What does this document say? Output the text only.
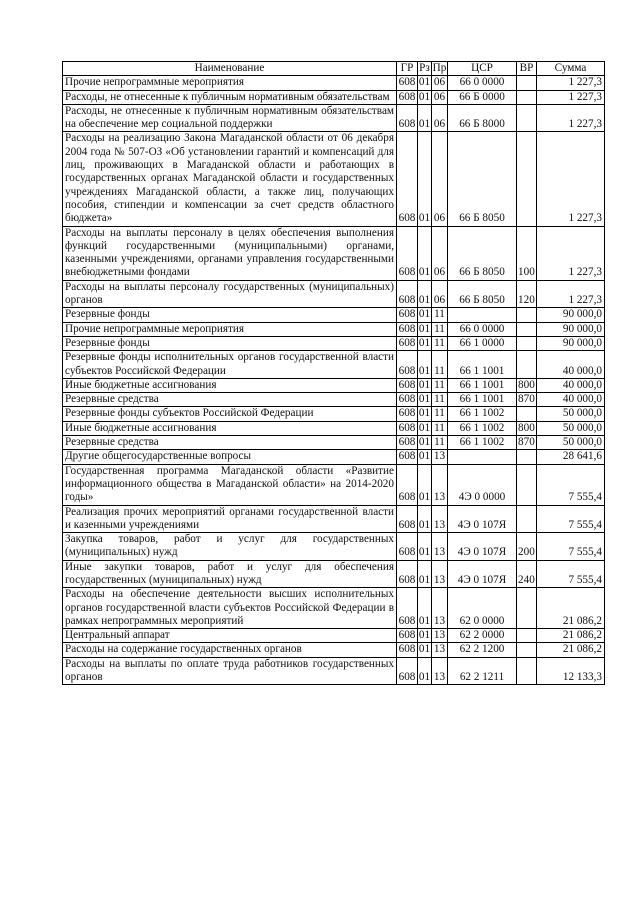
Наименование	ГР	Рз	Пр	ЦСР	ВР	Сумма
Прочие непрограммные мероприятия	608	01	06	66 0 0000		1 227,3
Расходы, не отнесенные к публичным нормативным обязательствам	608	01	06	66 Б 0000		1 227,3
Расходы, не отнесенные к публичным нормативным обязательствам на обеспечение мер социальной поддержки	608	01	06	66 Б 8000		1 227,3
Расходы на реализацию Закона Магаданской области от 06 декабря 2004 года № 507-ОЗ «Об установлении гарантий и компенсаций для лиц, проживающих в Магаданской области и работающих в государственных органах Магаданской области и государственных учреждениях Магаданской области, а также лиц, получающих пособия, стипендии и компенсации за счет средств областного бюджета»	608	01	06	66 Б 8050		1 227,3
Расходы на выплаты персоналу в целях обеспечения выполнения функций государственными (муниципальными) органами, казенными учреждениями, органами управления государственными внебюджетными фондами	608	01	06	66 Б 8050	100	1 227,3
Расходы на выплаты персоналу государственных (муниципальных) органов	608	01	06	66 Б 8050	120	1 227,3
Резервные фонды	608	01	11			90 000,0
Прочие непрограммные мероприятия	608	01	11	66 0 0000		90 000,0
Резервные фонды	608	01	11	66 1 0000		90 000,0
Резервные фонды исполнительных органов государственной власти субъектов Российской Федерации	608	01	11	66 1 1001		40 000,0
Иные бюджетные ассигнования	608	01	11	66 1 1001	800	40 000,0
Резервные средства	608	01	11	66 1 1001	870	40 000,0
Резервные фонды субъектов Российской Федерации	608	01	11	66 1 1002		50 000,0
Иные бюджетные ассигнования	608	01	11	66 1 1002	800	50 000,0
Резервные средства	608	01	11	66 1 1002	870	50 000,0
Другие общегосударственные вопросы	608	01	13			28 641,6
Государственная программа Магаданской области «Развитие информационного общества в Магаданской области» на 2014-2020 годы»	608	01	13	4Э 0 0000		7 555,4
Реализация прочих мероприятий органами государственной власти и казенными учреждениями	608	01	13	4Э 0 107Я		7 555,4
Закупка товаров, работ и услуг для государственных (муниципальных) нужд	608	01	13	4Э 0 107Я	200	7 555,4
Иные закупки товаров, работ и услуг для обеспечения государственных (муниципальных) нужд	608	01	13	4Э 0 107Я	240	7 555,4
Расходы на обеспечение деятельности высших исполнительных органов государственной власти субъектов Российской Федерации в рамках непрограммных мероприятий	608	01	13	62 0 0000		21 086,2
Центральный аппарат	608	01	13	62 2 0000		21 086,2
Расходы на содержание государственных органов	608	01	13	62 2 1200		21 086,2
Расходы на выплаты по оплате труда работников государственных органов	608	01	13	62 2 1211		12 133,3
